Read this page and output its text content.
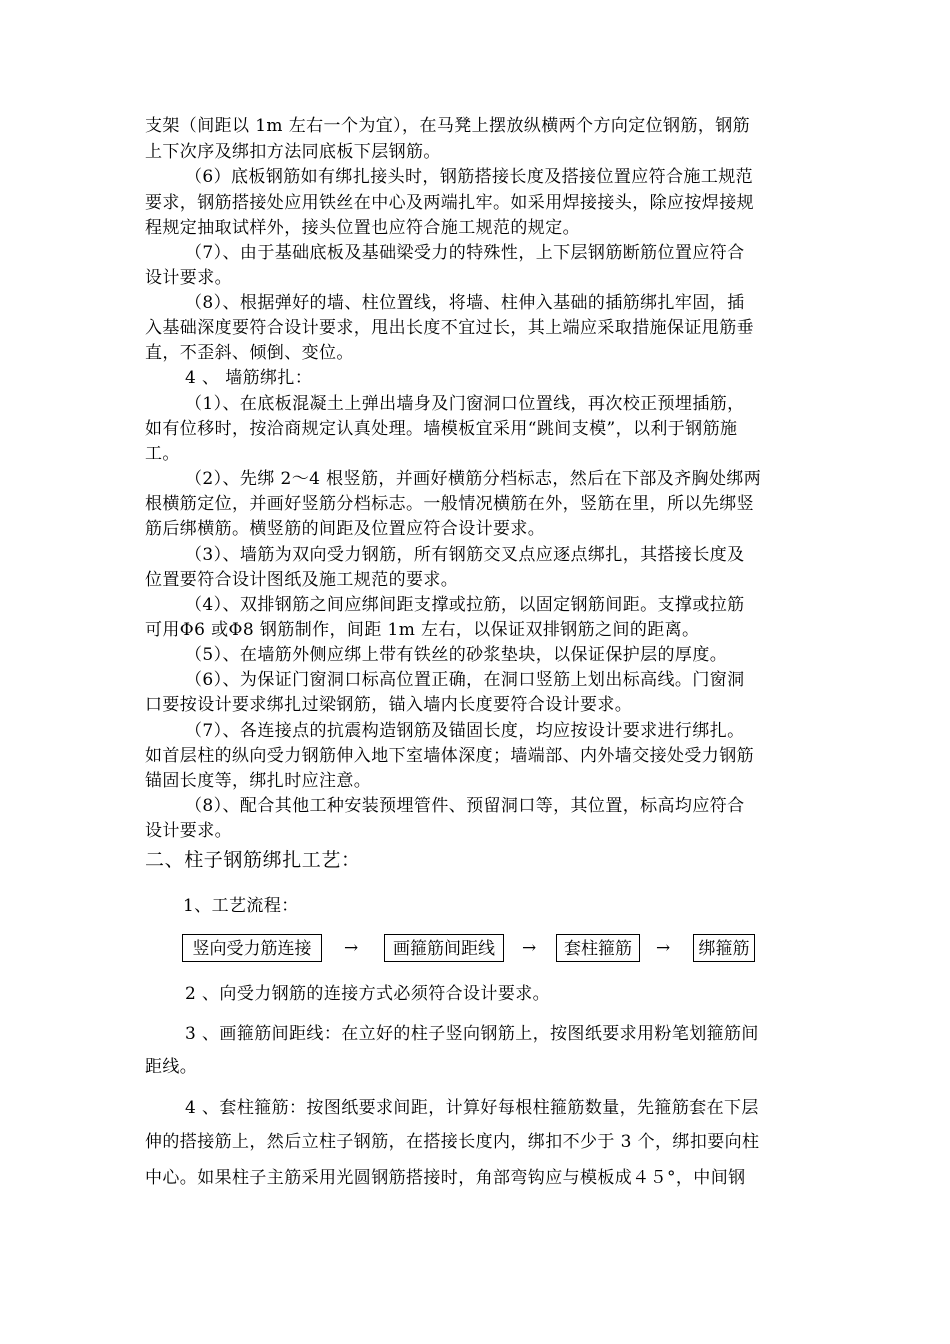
支架（间距以 1m 左右一个为宜），在马凳上摆放纵横两个方向定位钢筋，钢筋
上下次序及绑扣方法同底板下层钢筋。
（6）底板钢筋如有绑扎接头时，钢筋搭接长度及搭接位置应符合施工规范
要求，钢筋搭接处应用铁丝在中心及两端扎牢。如采用焊接接头，除应按焊接规
程规定抽取试样外，接头位置也应符合施工规范的规定。
（7）、由于基础底板及基础梁受力的特殊性，上下层钢筋断筋位置应符合
设计要求。
（8）、根据弹好的墙、柱位置线，将墙、柱伸入基础的插筋绑扎牢固，插
入基础深度要符合设计要求，甩出长度不宜过长，其上端应采取措施保证甩筋垂
直，不歪斜、倾倒、变位。
4 、 墙筋绑扎：
（1）、在底板混凝土上弹出墙身及门窗洞口位置线，再次校正预埋插筋，
如有位移时，按洽商规定认真处理。墙模板宜采用“跳间支模”，以利于钢筋施
工。
（2）、先绑 2～4 根竖筋，并画好横筋分档标志，然后在下部及齐胸处绑两
根横筋定位，并画好竖筋分档标志。一般情况横筋在外，竖筋在里，所以先绑竖
筋后绑横筋。横竖筋的间距及位置应符合设计要求。
（3）、墙筋为双向受力钢筋，所有钢筋交叉点应逐点绑扎，其搭接长度及
位置要符合设计图纸及施工规范的要求。
（4）、双排钢筋之间应绑间距支撑或拉筋，以固定钢筋间距。支撑或拉筋
可用Φ6 或Φ8 钢筋制作，间距 1m 左右，以保证双排钢筋之间的距离。
（5）、在墙筋外侧应绑上带有铁丝的砂浆垫块，以保证保护层的厚度。
（6）、为保证门窗洞口标高位置正确，在洞口竖筋上划出标高线。门窗洞
口要按设计要求绑扎过梁钢筋，锚入墙内长度要符合设计要求。
（7）、各连接点的抗震构造钢筋及锚固长度，均应按设计要求进行绑扎。
如首层柱的纵向受力钢筋伸入地下室墙体深度；墙端部、内外墙交接处受力钢筋
锚固长度等，绑扎时应注意。
（8）、配合其他工种安装预埋管件、预留洞口等，其位置，标高均应符合
设计要求。
二、柱子钢筋绑扎工艺：
1、工艺流程：
竖向受力筋连接	→	画箍筋间距线	→	套柱箍筋	→	绑箍筋
2 、向受力钢筋的连接方式必须符合设计要求。
3 、画箍筋间距线：在立好的柱子竖向钢筋上，按图纸要求用粉笔划箍筋间
距线。
4 、套柱箍筋：按图纸要求间距，计算好每根柱箍筋数量，先箍筋套在下层
伸的搭接筋上，然后立柱子钢筋，在搭接长度内，绑扣不少于 3 个，绑扣要向柱
中心。如果柱子主筋采用光圆钢筋搭接时，角部弯钩应与模板成４５°，中间钢
